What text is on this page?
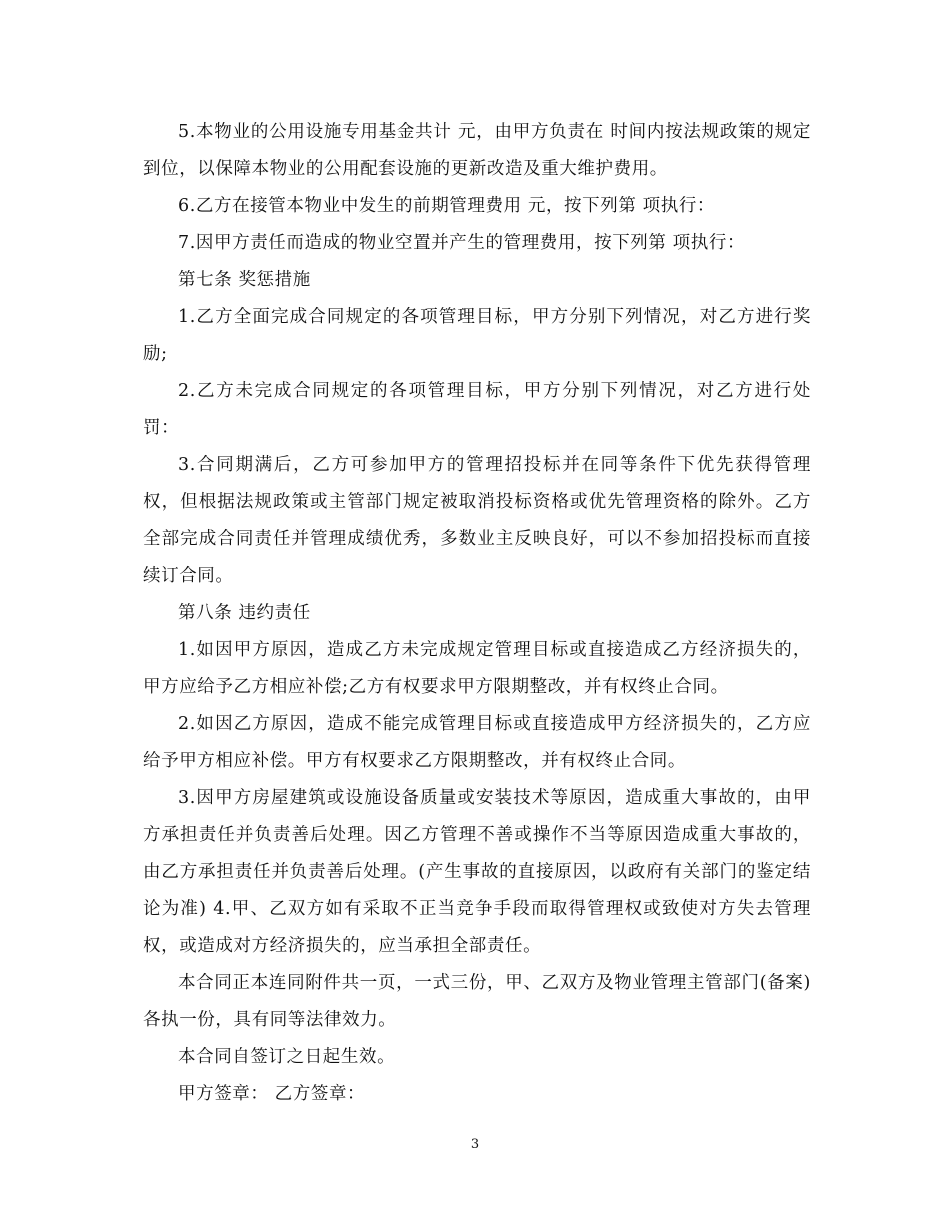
5.本物业的公用设施专用基金共计 元，由甲方负责在 时间内按法规政策的规定到位，以保障本物业的公用配套设施的更新改造及重大维护费用。

6.乙方在接管本物业中发生的前期管理费用 元，按下列第 项执行：

7.因甲方责任而造成的物业空置并产生的管理费用，按下列第 项执行：

第七条 奖惩措施

1.乙方全面完成合同规定的各项管理目标，甲方分别下列情况，对乙方进行奖励;

2.乙方未完成合同规定的各项管理目标，甲方分别下列情况，对乙方进行处罚：

3.合同期满后，乙方可参加甲方的管理招投标并在同等条件下优先获得管理权，但根据法规政策或主管部门规定被取消投标资格或优先管理资格的除外。乙方全部完成合同责任并管理成绩优秀，多数业主反映良好，可以不参加招投标而直接续订合同。

第八条 违约责任

1.如因甲方原因，造成乙方未完成规定管理目标或直接造成乙方经济损失的，甲方应给予乙方相应补偿;乙方有权要求甲方限期整改，并有权终止合同。

2.如因乙方原因，造成不能完成管理目标或直接造成甲方经济损失的，乙方应给予甲方相应补偿。甲方有权要求乙方限期整改，并有权终止合同。

3.因甲方房屋建筑或设施设备质量或安装技术等原因，造成重大事故的，由甲方承担责任并负责善后处理。因乙方管理不善或操作不当等原因造成重大事故的，由乙方承担责任并负责善后处理。(产生事故的直接原因，以政府有关部门的鉴定结论为准) 4.甲、乙双方如有采取不正当竞争手段而取得管理权或致使对方失去管理权，或造成对方经济损失的，应当承担全部责任。

本合同正本连同附件共一页，一式三份，甲、乙双方及物业管理主管部门(备案)各执一份，具有同等法律效力。

本合同自签订之日起生效。

甲方签章： 乙方签章：

3
